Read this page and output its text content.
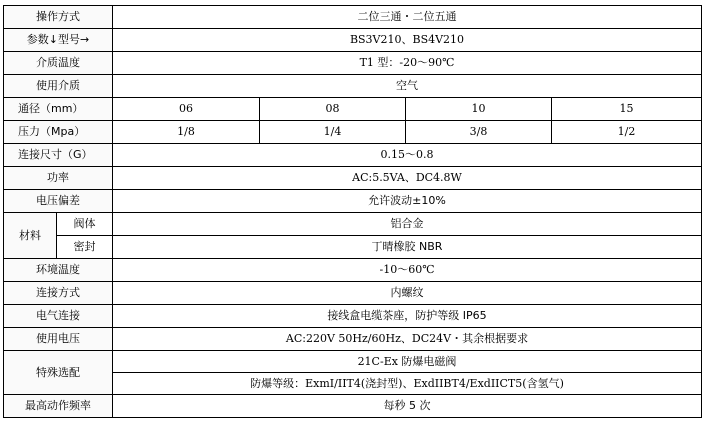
操作方式		二位三通・二位五通			
参数↓型号→		BS3V210、BS4V210			
介质温度		T1 型：-20～90℃			
使用介质		空气			
通径（mm）		06	08	10	15
压力（Mpa）		1/8	1/4	3/8	1/2
连接尺寸（G）		0.15～0.8			
功率		AC:5.5VA、DC4.8W			
电压偏差		允许波动±10%			
材料	阀体	铝合金			
	密封	丁晴橡胶 NBR			
环境温度		-10～60℃			
连接方式		内螺纹			
电气连接		接线盒电缆茶座，防护等级 IP65			
使用电压		AC:220V 50Hz/60Hz、DC24V・其余根据要求			
特殊选配		21C-Ex 防爆电磁阀			
		防爆等级：ExmI/IIT4(浇封型)、ExdIIBT4/ExdIICT5(含氢气)			
最高动作频率		每秒 5 次			
